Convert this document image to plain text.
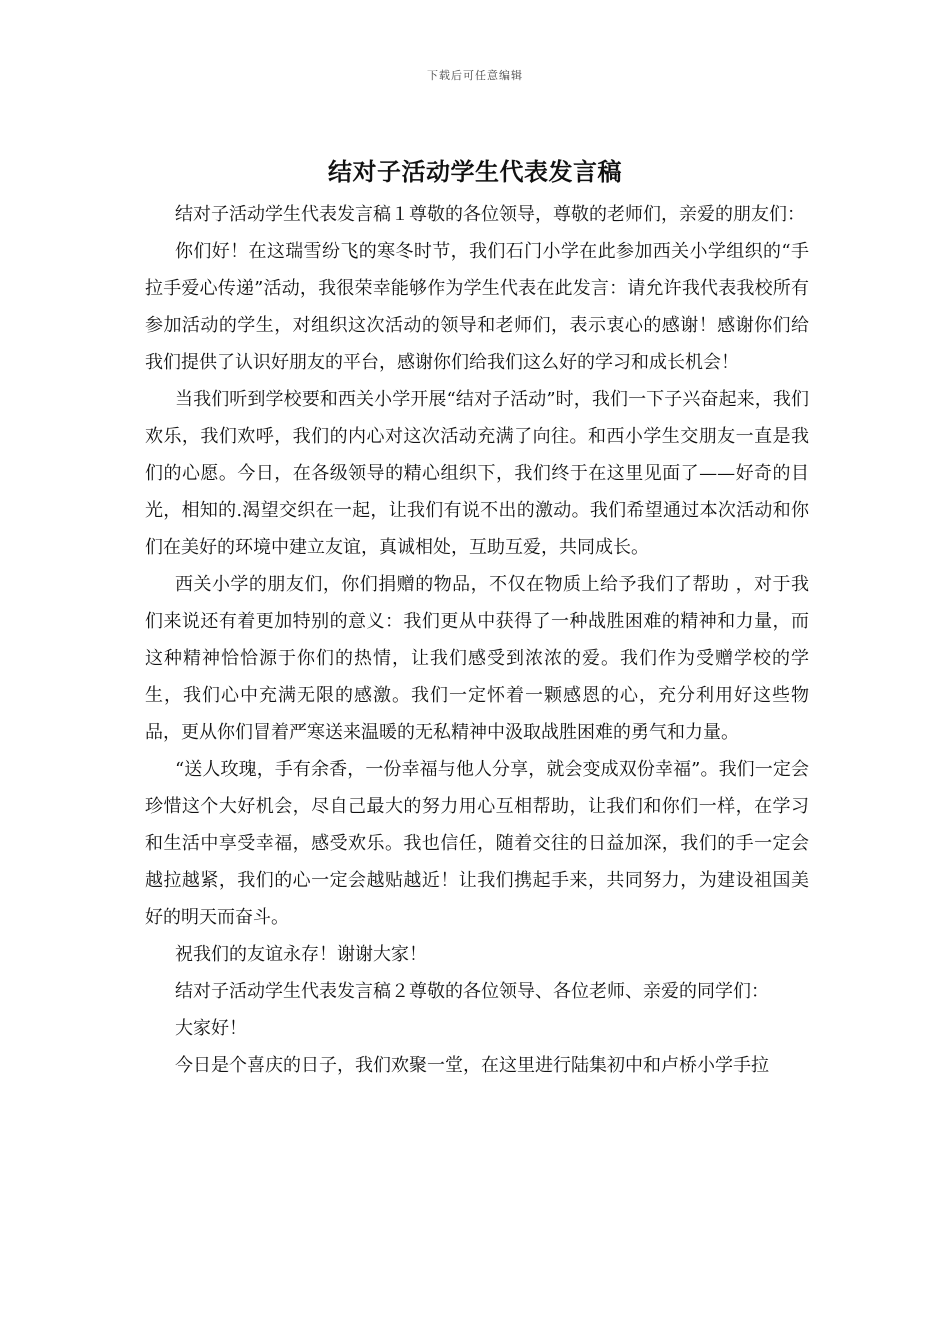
下载后可任意编辑
结对子活动学生代表发言稿

结对子活动学生代表发言稿１尊敬的各位领导，尊敬的老师们，亲爱的朋友们：

你们好！在这瑞雪纷飞的寒冬时节，我们石门小学在此参加西关小学组织的“手拉手爱心传递”活动，我很荣幸能够作为学生代表在此发言：请允许我代表我校所有参加活动的学生，对组织这次活动的领导和老师们，表示衷心的感谢！感谢你们给我们提供了认识好朋友的平台，感谢你们给我们这么好的学习和成长机会！

当我们听到学校要和西关小学开展“结对子活动”时，我们一下子兴奋起来，我们欢乐，我们欢呼，我们的内心对这次活动充满了向往。和西小学生交朋友一直是我们的心愿。今日，在各级领导的精心组织下，我们终于在这里见面了——好奇的目光，相知的.渴望交织在一起，让我们有说不出的激动。我们希望通过本次活动和你们在美好的环境中建立友谊，真诚相处，互助互爱，共同成长。

西关小学的朋友们，你们捐赠的物品，不仅在物质上给予我们了帮助 ，对于我们来说还有着更加特别的意义：我们更从中获得了一种战胜困难的精神和力量，而这种精神恰恰源于你们的热情，让我们感受到浓浓的爱。我们作为受赠学校的学生，我们心中充满无限的感激。我们一定怀着一颗感恩的心，充分利用好这些物品，更从你们冒着严寒送来温暖的无私精神中汲取战胜困难的勇气和力量。

“送人玫瑰，手有余香，一份幸福与他人分享，就会变成双份幸福”。我们一定会珍惜这个大好机会，尽自己最大的努力用心互相帮助，让我们和你们一样，在学习和生活中享受幸福，感受欢乐。我也信任，随着交往的日益加深，我们的手一定会越拉越紧，我们的心一定会越贴越近！让我们携起手来，共同努力，为建设祖国美好的明天而奋斗。

祝我们的友谊永存！谢谢大家！

结对子活动学生代表发言稿２尊敬的各位领导、各位老师、亲爱的同学们：

大家好！

今日是个喜庆的日子，我们欢聚一堂，在这里进行陆集初中和卢桥小学手拉
